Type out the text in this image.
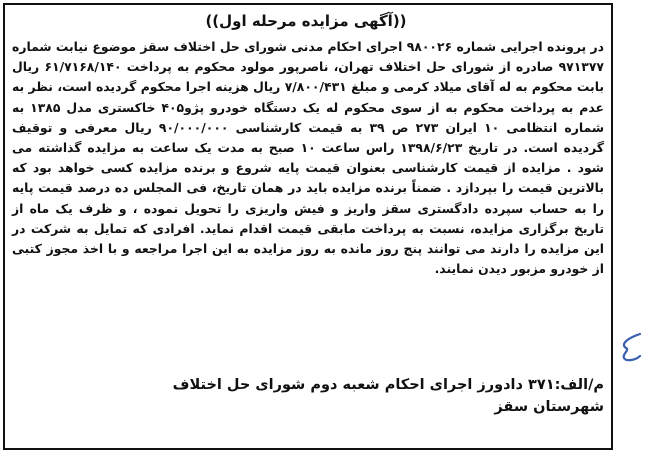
((آگهی مزایده مرحله اول))

در پرونده اجرایی شماره ۹۸۰۰۲۶ اجرای احکام مدنی شورای حل اختلاف سقز موضوع نیابت شماره ۹۷۱۳۷۷ صادره از شورای حل اختلاف تهران، ناصرپور مولود محکوم به پرداخت ۶۱/۷۱۶۸/۱۴۰ ریال بابت محکوم به له آقای میلاد کرمی و مبلغ ۷/۸۰۰/۴۳۱ ریال هزینه اجرا محکوم گردیده است، نظر به عدم به پرداخت محکوم به از سوی محکوم له یک دستگاه خودرو پژو۴۰۵ خاکستری مدل ۱۳۸۵ به شماره انتظامی ۱۰ ایران ۲۷۳ ص ۳۹ به قیمت کارشناسی ۹۰/۰۰۰/۰۰۰ ریال معرفی و توقیف گردیده است. در تاریخ ۱۳۹۸/۶/۲۳ راس ساعت ۱۰ صبح به مدت یک ساعت به مزایده گذاشته می شود . مزایده از قیمت کارشناسی بعنوان قیمت پایه شروع و برنده مزایده کسی خواهد بود که بالاترین قیمت را بپردازد . ضمناً برنده مزایده باید در همان تاریخ، فی المجلس ده درصد قیمت پایه را به حساب سپرده دادگستری سقز واریز و فیش واریزی را تحویل نموده ، و ظرف یک ماه از تاریخ برگزاری مزایده، نسبت به پرداخت مابقی قیمت اقدام نماید. افرادی که تمایل به شرکت در این مزایده را دارند می توانند پنج روز مانده به روز مزایده به این اجرا مراجعه و با اخذ مجوز کتبی از خودرو مزبور دیدن نمایند.

م/الف:۳۷۱ دادورز اجرای احکام شعبه دوم شورای حل اختلاف
شهرستان سقز
